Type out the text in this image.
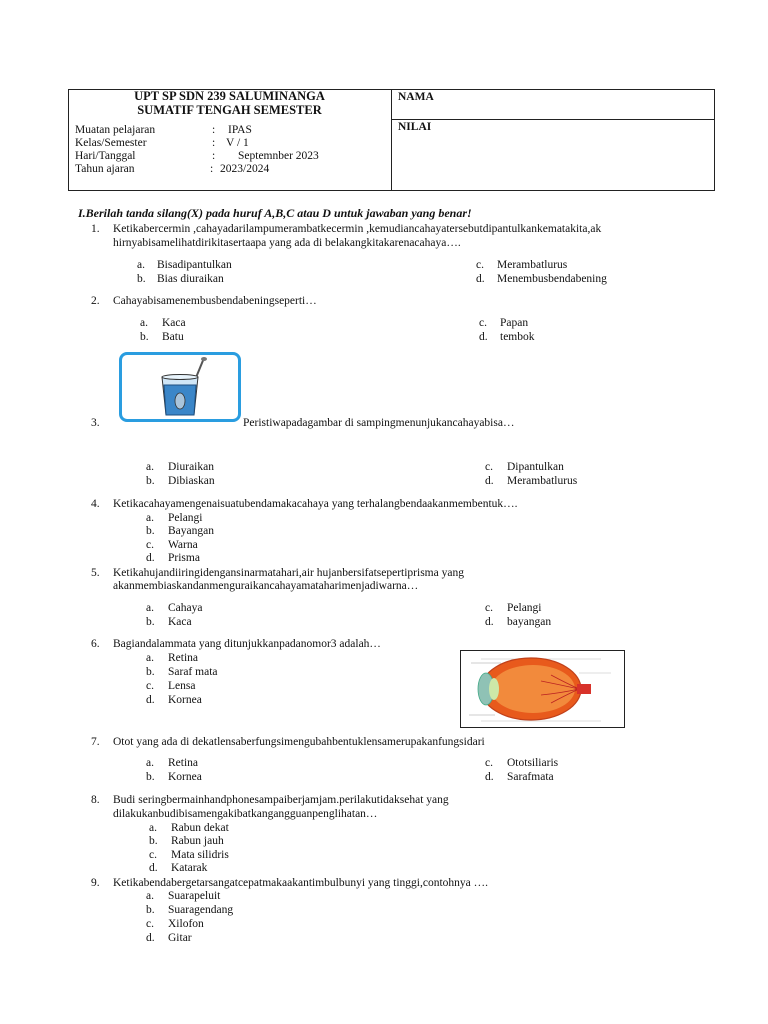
UPT SP SDN 239 SALUMINANGA
SUMATIF TENGAH SEMESTER
NAMA
NILAI
Muatan pelajaran	: IPAS
Kelas/Semester	: V / 1
Hari/Tanggal	: Septemnber 2023
Tahun ajaran	: 2023/2024
I.Berilah tanda silang(X) pada huruf A,B,C atau D untuk jawaban yang benar!
1. Ketikabercermin ,cahayadarilampumerambatkecermin ,kemudiancahayatersebutdipantulkankematakita,ak
hirnyabisamelihatdirikitasertaapa yang ada di belakangkitakarenacahaya….
a. Bisadipantulkan
b. Bias diuraikan
c. Merambatlurus
d. Menembusbendabening
2. Cahayabisamenembusbendabeningseperti…
a. Kaca
b. Batu
c. Papan
d. tembok
3.	Peristiwapadagambar di sampingmenunjukancahayabisa…
a. Diuraikan
b. Dibiaskan
c. Dipantulkan
d. Merambatlurus
4. Ketikacahayamengenaisuatubendamakacahaya yang terhalangbendaakanmembentuk….
a. Pelangi
b. Bayangan
c. Warna
d. Prisma
5. Ketikahujandiiringidengansinarmatahari,air hujanbersifatsepertiprisma yang
akanmembiaskandanmenguraikancahayamataharimenjadiwarna…
a. Cahaya
b. Kaca
c. Pelangi
d. bayangan
6. Bagiandalammata yang ditunjukkanpadanomor3 adalah…
a. Retina
b. Saraf mata
c. Lensa
d. Kornea
7. Otot yang ada di dekatlensaberfungsimengubahbentuklensamerupakanfungsidari
a. Retina
b. Kornea
c. Ototsiliaris
d. Sarafmata
8. Budi seringbermainhandphonesampaiberjamjam.perilakutidaksehat yang
dilakukanbudibisamengakibatkangangguanpenglihatan…
a. Rabun dekat
b. Rabun jauh
c. Mata silidris
d. Katarak
9. Ketikabendabergetarsangatcepatmakaakantimbulbunyi yang tinggi,contohnya ….
a. Suarapeluit
b. Suaragendang
c. Xilofon
d. Gitar
